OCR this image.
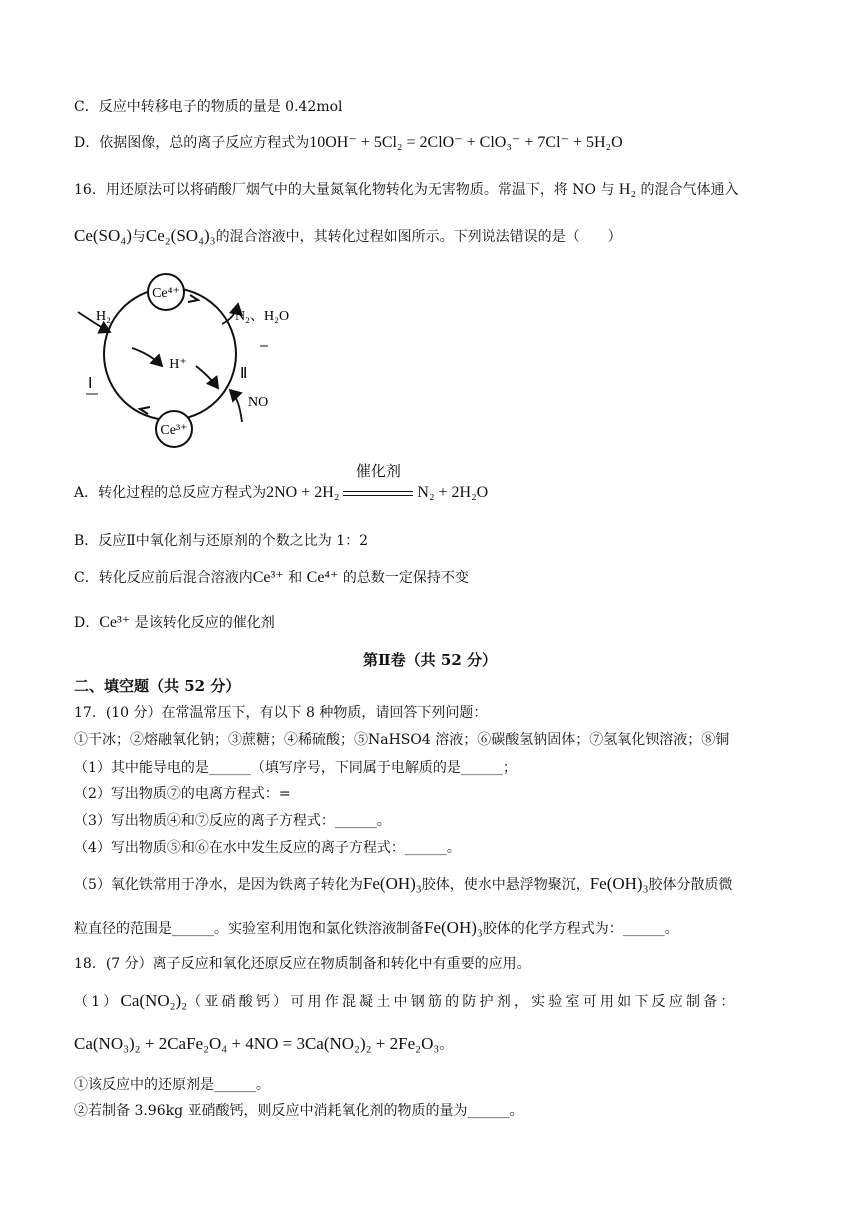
C．反应中转移电子的物质的量是 0.42mol
D．依据图像，总的离子反应方程式为10OH⁻ + 5Cl₂ = 2ClO⁻ + ClO₃⁻ + 7Cl⁻ + 5H₂O
16．用还原法可以将硝酸厂烟气中的大量氮氧化物转化为无害物质。常温下，将 NO 与 H₂ 的混合气体通入
Ce(SO₄)与Ce₂(SO₄)₃的混合溶液中，其转化过程如图所示。下列说法错误的是（　　）
Ce⁴⁺
Ce³⁺
H₂
H⁺
N₂、H₂O
NO
Ⅰ
Ⅱ
A．转化过程的总反应方程式为2NO + 2H₂
催化剂
N₂ + 2H₂O
B．反应Ⅱ中氧化剂与还原剂的个数之比为 1：2
C．转化反应前后混合溶液内Ce³⁺ 和 Ce⁴⁺ 的总数一定保持不变
D．Ce³⁺ 是该转化反应的催化剂
第Ⅱ卷（共 52 分）
二、填空题（共 52 分）
17．(10 分）在常温常压下，有以下 8 种物质，请回答下列问题：
①干冰；②熔融氧化钠；③蔗糖；④稀硫酸；⑤NaHSO4 溶液；⑥碳酸氢钠固体；⑦氢氧化钡溶液；⑧铜
（1）其中能导电的是______（填写序号，下同属于电解质的是______；
（2）写出物质⑦的电离方程式：=
（3）写出物质④和⑦反应的离子方程式：______。
（4）写出物质⑤和⑥在水中发生反应的离子方程式：______。
（5）氧化铁常用于净水，是因为铁离子转化为Fe(OH)₃胶体，使水中悬浮物聚沉，Fe(OH)₃胶体分散质微
粒直径的范围是______。实验室利用饱和氯化铁溶液制备Fe(OH)₃胶体的化学方程式为：______。
18．(7 分）离子反应和氧化还原反应在物质制备和转化中有重要的应用。
（1）Ca(NO₂)₂（亚硝酸钙）可用作混凝土中钢筋的防护剂，实验室可用如下反应制备：
Ca(NO₃)₂ + 2CaFe₂O₄ + 4NO = 3Ca(NO₂)₂ + 2Fe₂O₃。
①该反应中的还原剂是______。
②若制备 3.96kg 亚硝酸钙，则反应中消耗氧化剂的物质的量为______。
